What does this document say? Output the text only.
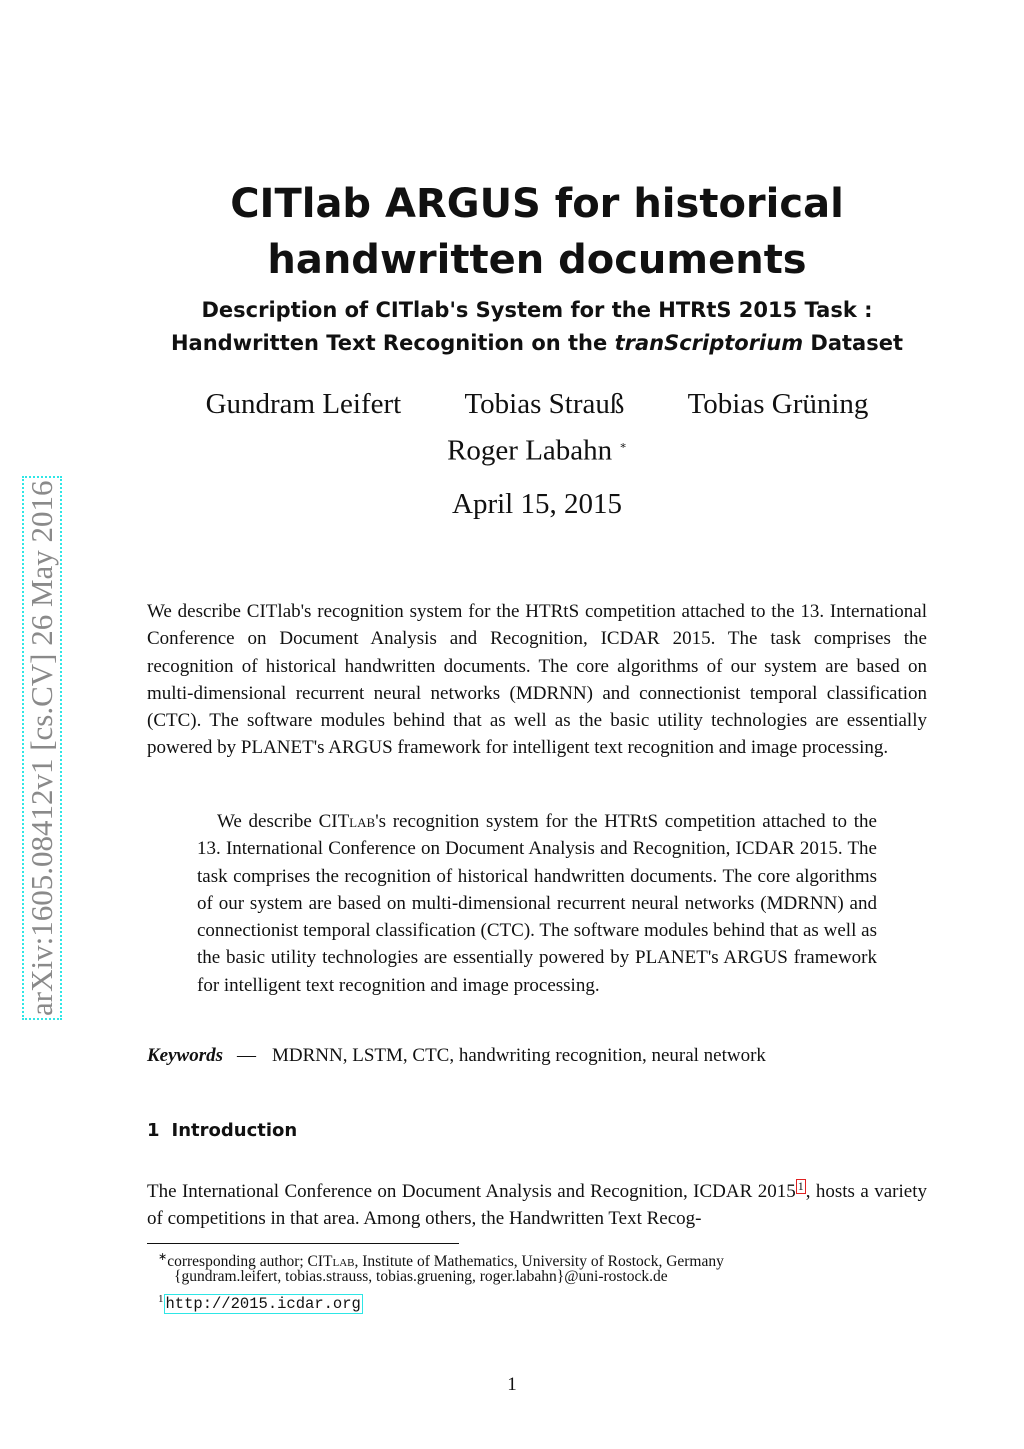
arXiv:1605.08412v1 [cs.CV] 26 May 2016
CITlab ARGUS for historical
handwritten documents
Description of CITlab's System for the HTRtS 2015 Task :
Handwritten Text Recognition on the tranScriptorium Dataset
Gundram Leifert Tobias Strauß Tobias Grüning
Roger Labahn ∗
April 15, 2015

We describe CITlab's recognition system for the HTRtS competition attached to the 13. International Conference on Document Analysis and Recognition, ICDAR 2015. The task comprises the recognition of historical handwritten documents. The core algorithms of our system are based on multi-dimensional recurrent neural networks (MDRNN) and connectionist temporal classification (CTC). The software modules behind that as well as the basic utility technologies are essentially powered by PLANET's ARGUS framework for intelligent text recognition and image processing.

We describe CITlab's recognition system for the HTRtS competition attached to the 13. International Conference on Document Analysis and Recognition, ICDAR 2015. The task comprises the recognition of historical handwritten documents. The core algorithms of our system are based on multi-dimensional recurrent neural networks (MDRNN) and connectionist temporal classification (CTC). The software modules behind that as well as the basic utility technologies are essentially powered by PLANET's ARGUS framework for intelligent text recognition and image processing.

Keywords — MDRNN, LSTM, CTC, handwriting recognition, neural network
1 Introduction

The International Conference on Document Analysis and Recognition, ICDAR 2015 1 , hosts a variety of competitions in that area. Among others, the Handwritten Text Recog-

∗corresponding author; CITlab, Institute of Mathematics, University of Rostock, Germany
{gundram.leifert, tobias.strauss, tobias.gruening, roger.labahn}@uni-rostock.de
$^1$ http://2015.icdar.org
1
